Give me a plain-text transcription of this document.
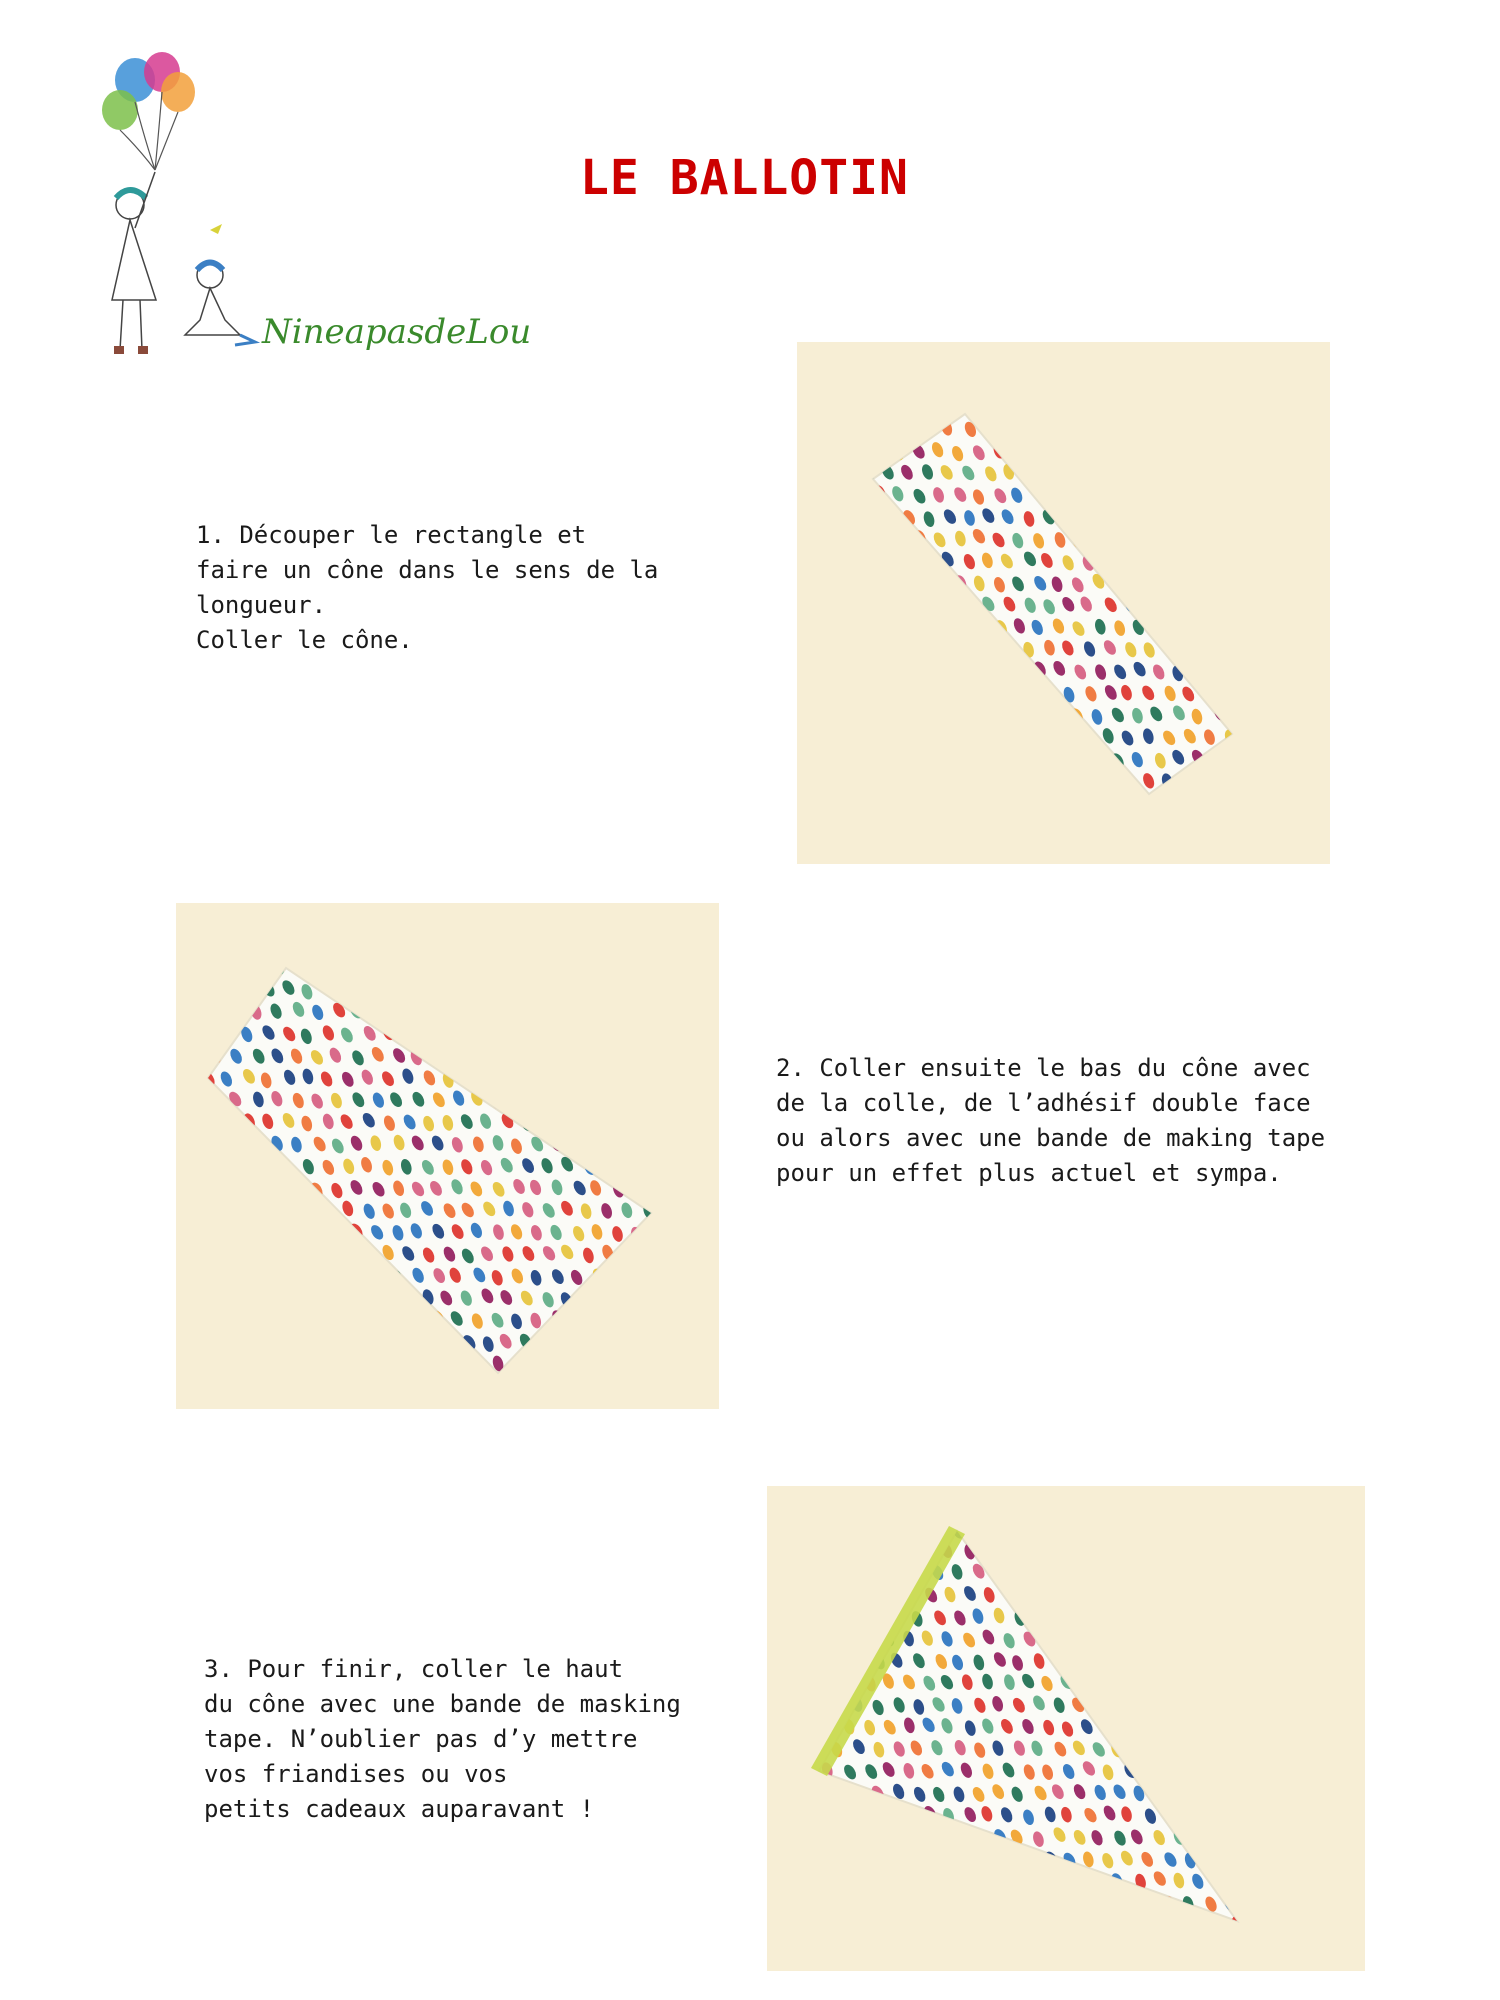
NineapasdeLou
LE BALLOTIN

1. Découper le rectangle et
faire un cône dans le sens de la
longueur.
Coller le cône.

2. Coller ensuite le bas du cône avec
de la colle, de l’adhésif double face
ou alors avec une bande de making tape
pour un effet plus actuel et sympa.

3. Pour finir, coller le haut
du cône avec une bande de masking
tape. N’oublier pas d’y mettre
vos friandises ou vos
petits cadeaux auparavant !
